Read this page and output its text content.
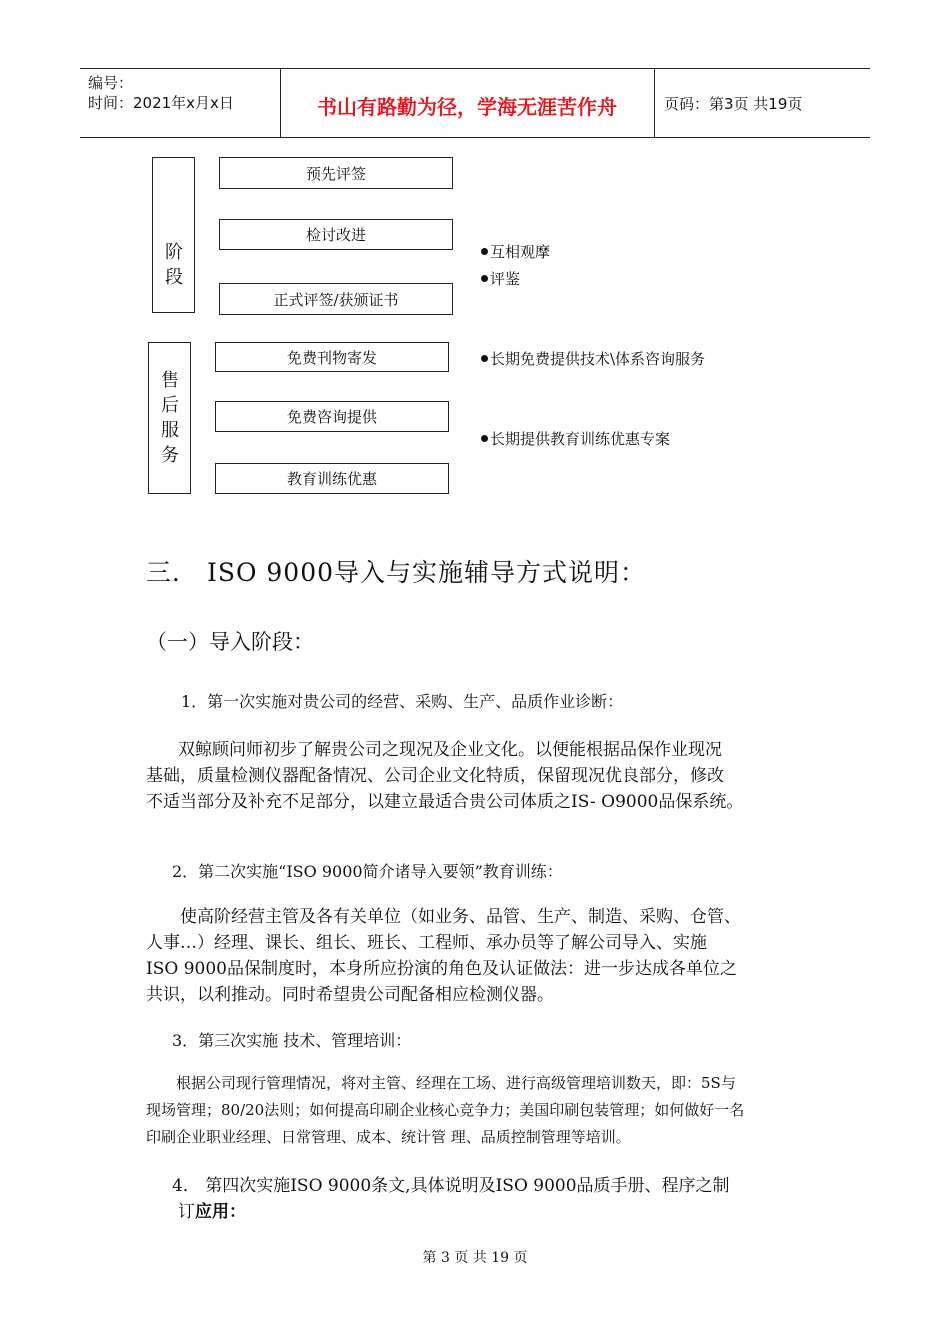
编号：
时间：2021年x月x日	书山有路勤为径，学海无涯苦作舟	页码：第3页 共19页
阶
段
预先评签
检讨改进
正式评签/获颁证书
互相观摩
评鉴
售
后
服
务
免费刊物寄发
免费咨询提供
教育训练优惠
长期免费提供技术\体系咨询服务
长期提供教育训练优惠专案
三． ISO 9000导入与实施辅导方式说明：
（一）导入阶段：
1．第一次实施对贵公司的经营、采购、生产、品质作业诊断：

双鲸顾问师初步了解贵公司之现况及企业文化。以便能根据品保作业现况

基础，质量检测仪器配备情况、公司企业文化特质，保留现况优良部分，修改

不适当部分及补充不足部分，以建立最适合贵公司体质之IS- O9000品保系统。

2．第二次实施“ISO 9000简介诸导入要领”教育训练：

使高阶经营主管及各有关单位（如业务、品管、生产、制造、采购、仓管、

人事…）经理、课长、组长、班长、工程师、承办员等了解公司导入、实施

ISO 9000品保制度时，本身所应扮演的角色及认证做法：进一步达成各单位之

共识，以利推动。同时希望贵公司配备相应检测仪器。

3．第三次实施 技术、管理培训：

根据公司现行管理情况，将对主管、经理在工场、进行高级管理培训数天，即：5S与

现场管理；80/20法则；如何提高印刷企业核心竞争力；美国印刷包装管理；如何做好一名

印刷企业职业经理、日常管理、成本、统计管 理、品质控制管理等培训。

4． 第四次实施ISO 9000条文,具体说明及ISO 9000品质手册、程序之制
订应用：
第 3 页 共 19 页
